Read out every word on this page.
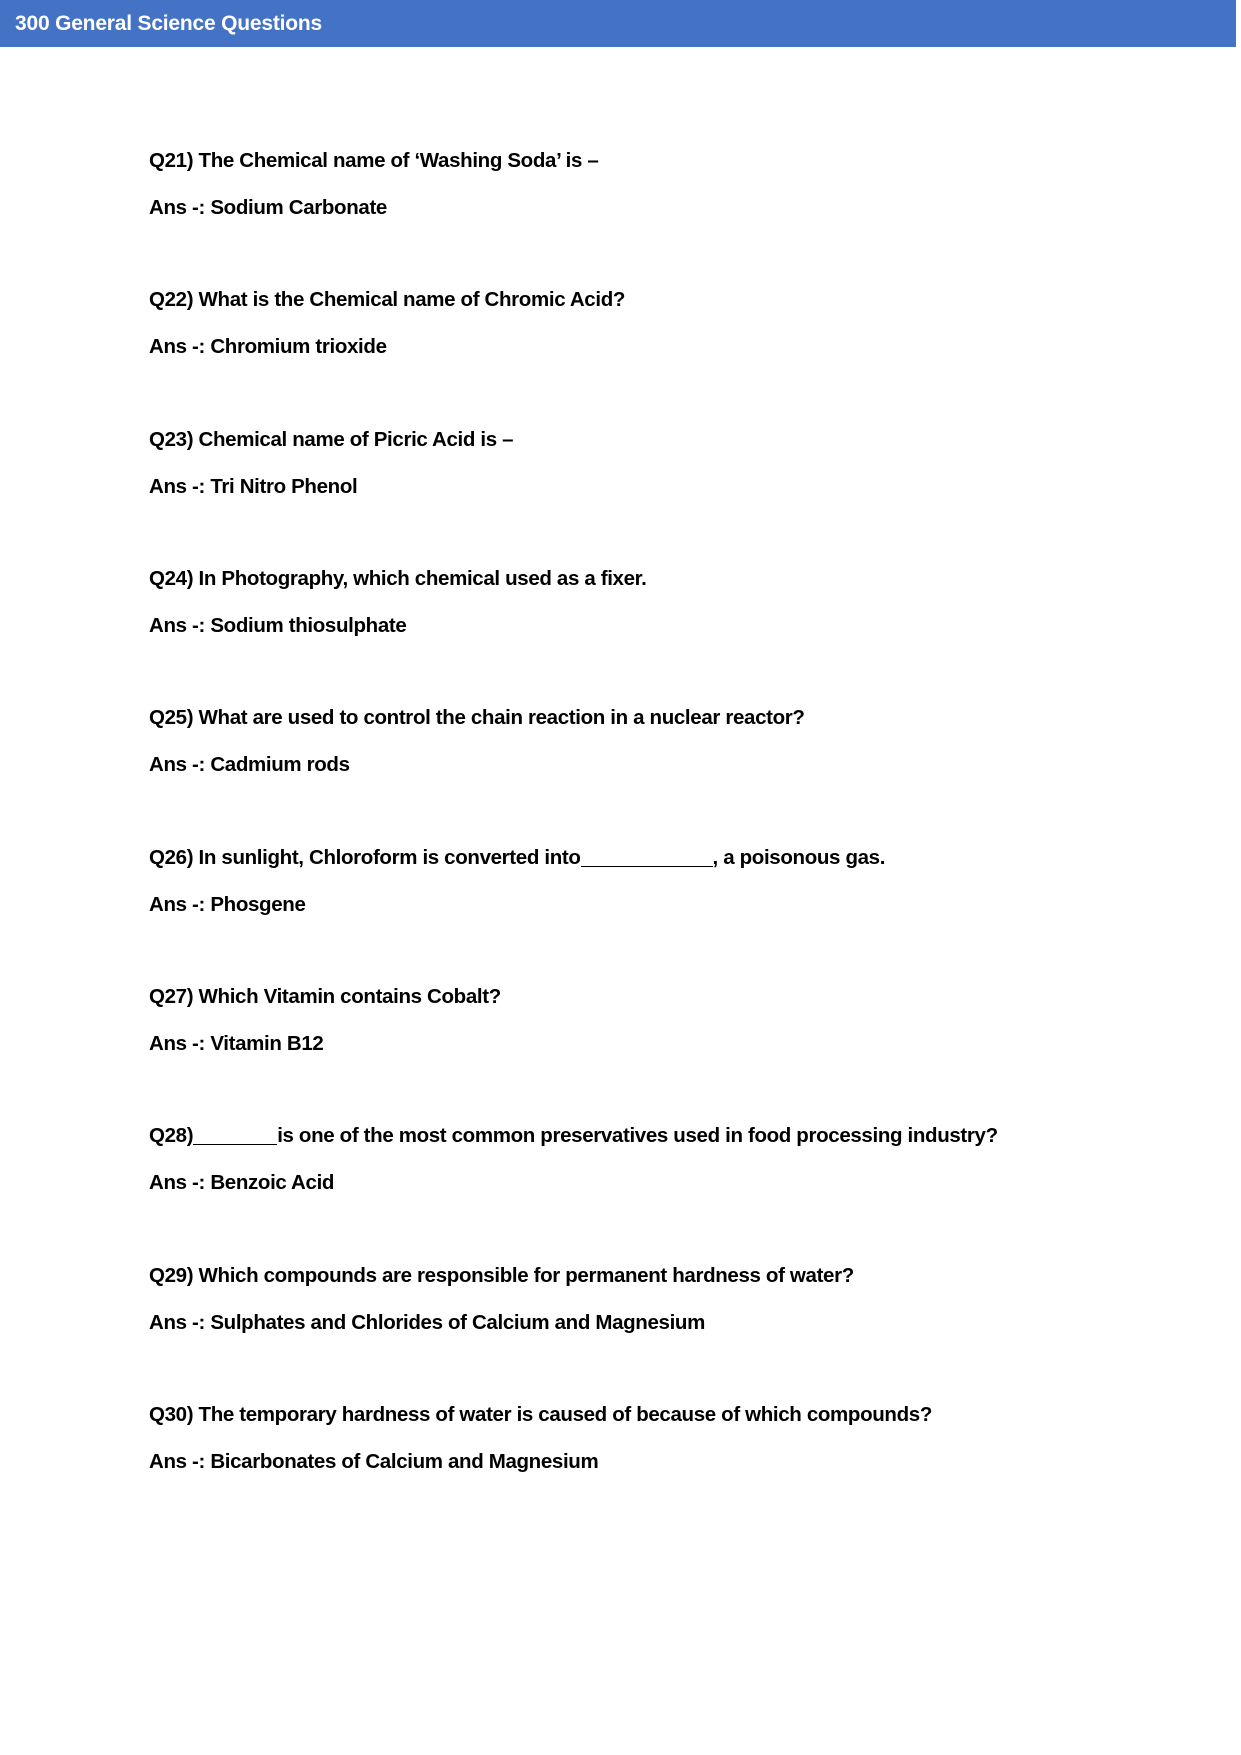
300 General Science Questions
Q21) The Chemical name of ‘Washing Soda’ is –
Ans -: Sodium Carbonate
Q22) What is the Chemical name of Chromic Acid?
Ans -: Chromium trioxide
Q23) Chemical name of Picric Acid is –
Ans -: Tri Nitro Phenol
Q24) In Photography, which chemical used as a fixer.
Ans -: Sodium thiosulphate
Q25) What are used to control the chain reaction in a nuclear reactor?
Ans -: Cadmium rods
Q26) In sunlight, Chloroform is converted into	, a poisonous gas.
Ans -: Phosgene
Q27) Which Vitamin contains Cobalt?
Ans -: Vitamin B12
Q28)	is one of the most common preservatives used in food processing industry?
Ans -: Benzoic Acid
Q29) Which compounds are responsible for permanent hardness of water?
Ans -: Sulphates and Chlorides of Calcium and Magnesium
Q30) The temporary hardness of water is caused of because of which compounds?
Ans -: Bicarbonates of Calcium and Magnesium
